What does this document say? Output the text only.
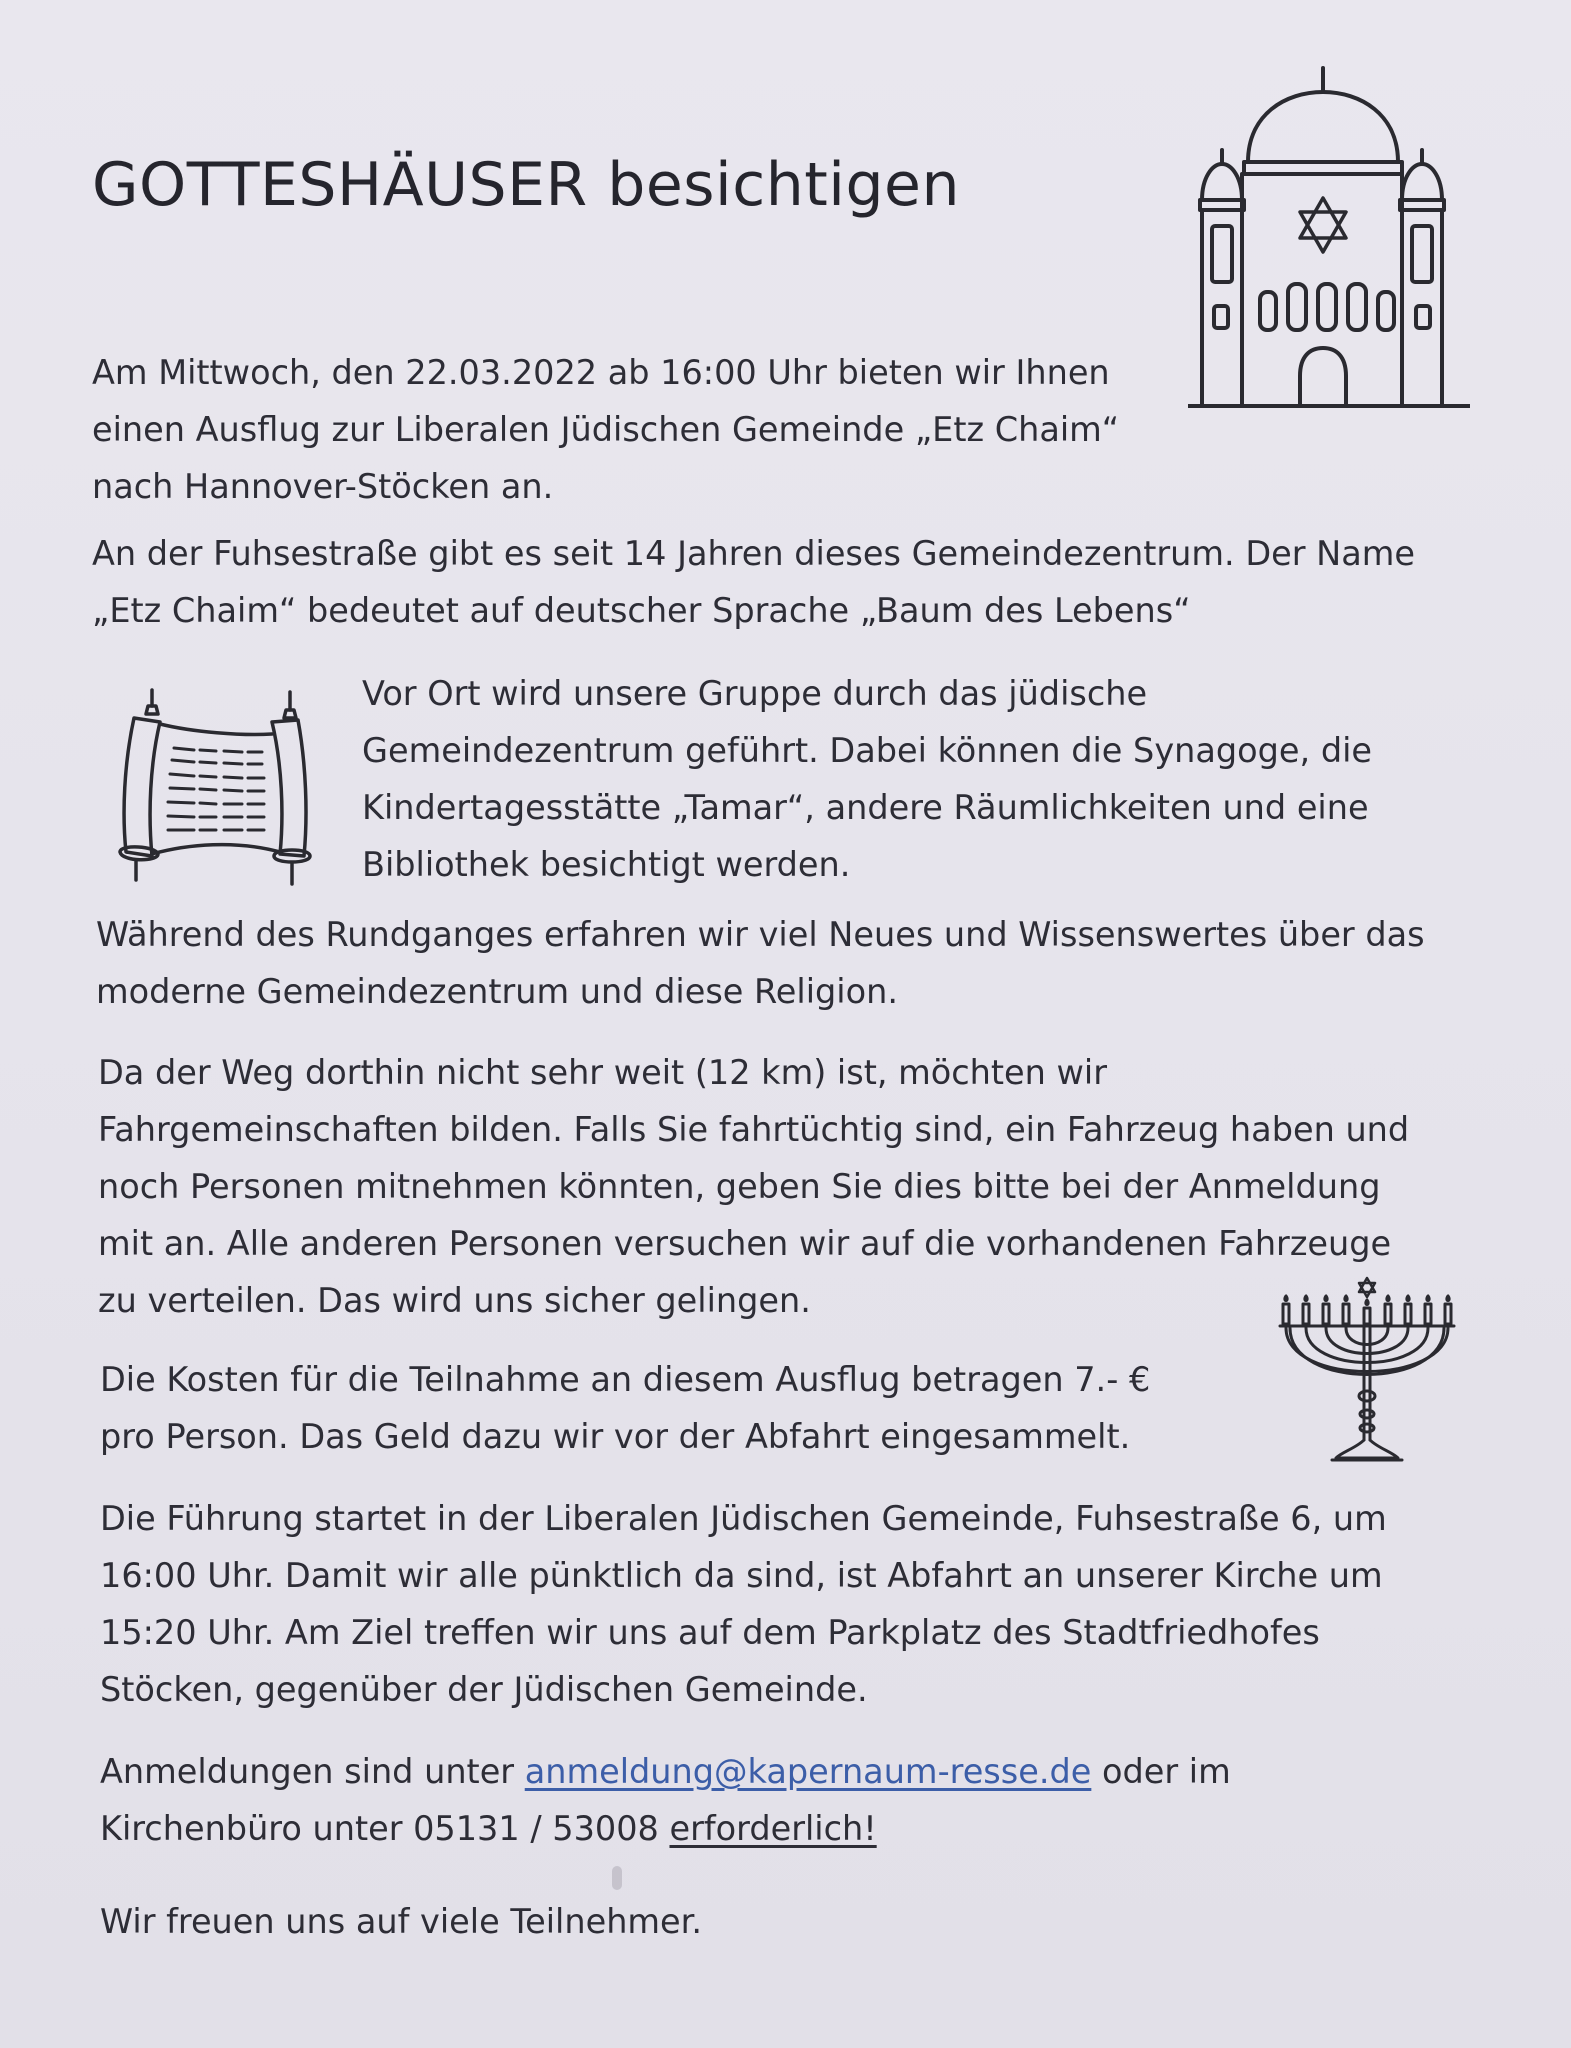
GOTTESHÄUSER besichtigen

Am Mittwoch, den 22.03.2022 ab 16:00 Uhr bieten wir Ihnen
einen Ausflug zur Liberalen Jüdischen Gemeinde „Etz Chaim“
nach Hannover-Stöcken an.

An der Fuhsestraße gibt es seit 14 Jahren dieses Gemeindezentrum. Der Name
„Etz Chaim“ bedeutet auf deutscher Sprache „Baum des Lebens“

Vor Ort wird unsere Gruppe durch das jüdische
Gemeindezentrum geführt. Dabei können die Synagoge, die
Kindertagesstätte „Tamar“, andere Räumlichkeiten und eine
Bibliothek besichtigt werden.

Während des Rundganges erfahren wir viel Neues und Wissenswertes über das
moderne Gemeindezentrum und diese Religion.

Da der Weg dorthin nicht sehr weit (12 km) ist, möchten wir
Fahrgemeinschaften bilden. Falls Sie fahrtüchtig sind, ein Fahrzeug haben und
noch Personen mitnehmen könnten, geben Sie dies bitte bei der Anmeldung
mit an. Alle anderen Personen versuchen wir auf die vorhandenen Fahrzeuge
zu verteilen. Das wird uns sicher gelingen.

Die Kosten für die Teilnahme an diesem Ausflug betragen 7.- €
pro Person. Das Geld dazu wir vor der Abfahrt eingesammelt.

Die Führung startet in der Liberalen Jüdischen Gemeinde, Fuhsestraße 6, um
16:00 Uhr. Damit wir alle pünktlich da sind, ist Abfahrt an unserer Kirche um
15:20 Uhr. Am Ziel treffen wir uns auf dem Parkplatz des Stadtfriedhofes
Stöcken, gegenüber der Jüdischen Gemeinde.

Anmeldungen sind unter anmeldung@kapernaum-resse.de oder im
Kirchenbüro unter 05131 / 53008 erforderlich!

Wir freuen uns auf viele Teilnehmer.
